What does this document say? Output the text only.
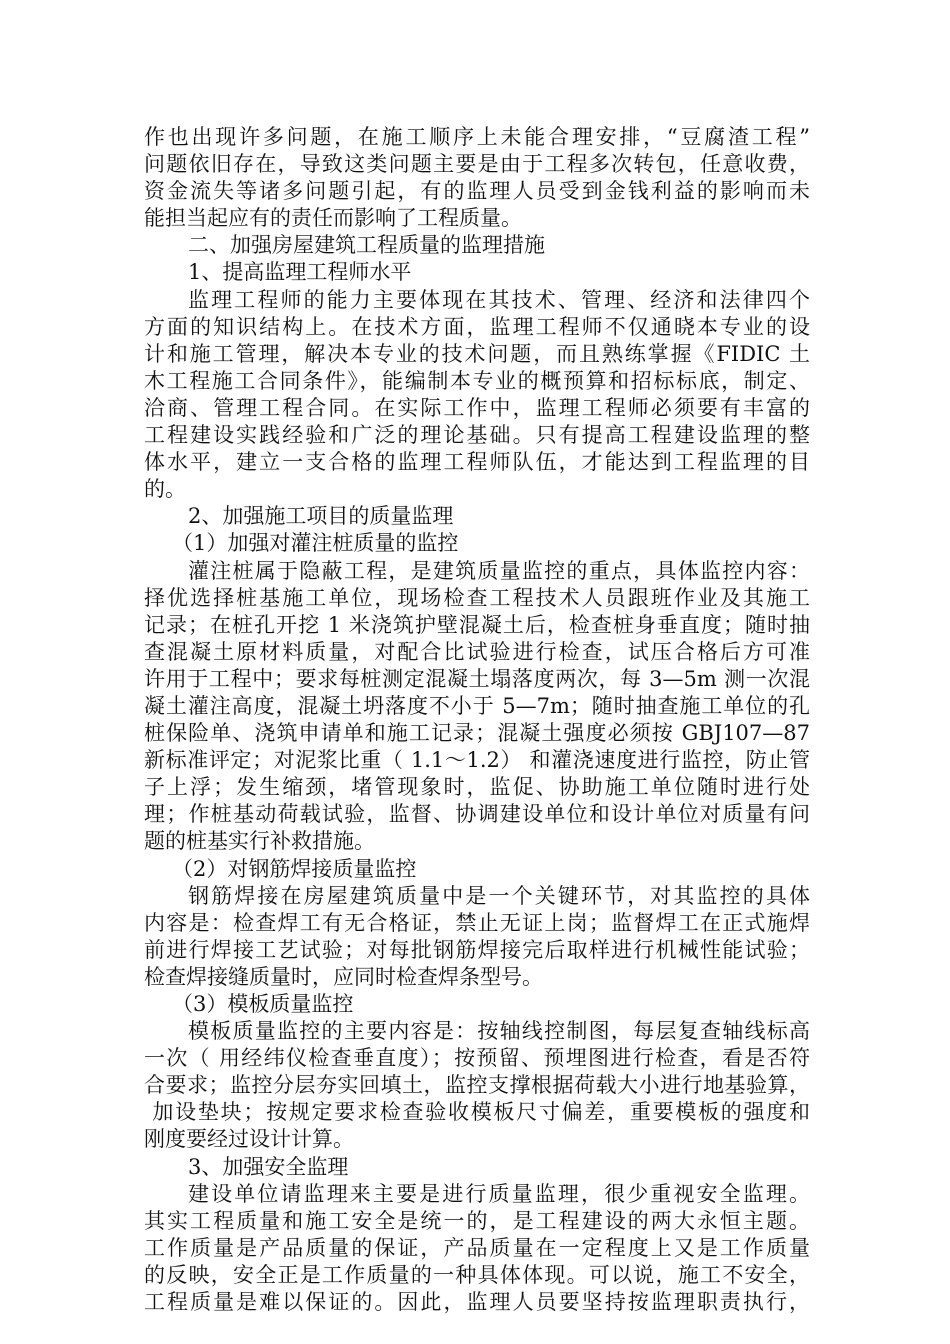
作也出现许多问题，在施工顺序上未能合理安排，“豆腐渣工程”
问题依旧存在，导致这类问题主要是由于工程多次转包，任意收费，
资金流失等诸多问题引起，有的监理人员受到金钱利益的影响而未
能担当起应有的责任而影响了工程质量。
二、加强房屋建筑工程质量的监理措施
1、提高监理工程师水平
监理工程师的能力主要体现在其技术、管理、经济和法律四个
方面的知识结构上。在技术方面，监理工程师不仅通晓本专业的设
计和施工管理，解决本专业的技术问题，而且熟练掌握《FIDIC 土
木工程施工合同条件》，能编制本专业的概预算和招标标底，制定、
洽商、管理工程合同。在实际工作中，监理工程师必须要有丰富的
工程建设实践经验和广泛的理论基础。只有提高工程建设监理的整
体水平，建立一支合格的监理工程师队伍，才能达到工程监理的目
的。
2、加强施工项目的质量监理
（1）加强对灌注桩质量的监控
灌注桩属于隐蔽工程，是建筑质量监控的重点，具体监控内容：
择优选择桩基施工单位，现场检查工程技术人员跟班作业及其施工
记录；在桩孔开挖 1 米浇筑护壁混凝土后，检查桩身垂直度；随时抽
查混凝土原材料质量，对配合比试验进行检查，试压合格后方可准
许用于工程中；要求每桩测定混凝土塌落度两次，每 3—5m 测一次混
凝土灌注高度，混凝土坍落度不小于 5—7m；随时抽查施工单位的孔
桩保险单、浇筑申请单和施工记录；混凝土强度必须按 GBJ107—87
新标准评定；对泥浆比重（ 1.1～1.2） 和灌浇速度进行监控，防止管
子上浮；发生缩颈，堵管现象时，监促、协助施工单位随时进行处
理；作桩基动荷载试验，监督、协调建设单位和设计单位对质量有问
题的桩基实行补救措施。
（2）对钢筋焊接质量监控
钢筋焊接在房屋建筑质量中是一个关键环节，对其监控的具体
内容是：检查焊工有无合格证，禁止无证上岗；监督焊工在正式施焊
前进行焊接工艺试验；对每批钢筋焊接完后取样进行机械性能试验；
检查焊接缝质量时，应同时检查焊条型号。
（3）模板质量监控
模板质量监控的主要内容是：按轴线控制图，每层复查轴线标高
一次（ 用经纬仪检查垂直度）；按预留、预埋图进行检查，看是否符
合要求；监控分层夯实回填土，监控支撑根据荷载大小进行地基验算，
加设垫块；按规定要求检查验收模板尺寸偏差，重要模板的强度和
刚度要经过设计计算。
3、加强安全监理
建设单位请监理来主要是进行质量监理，很少重视安全监理。
其实工程质量和施工安全是统一的，是工程建设的两大永恒主题。
工作质量是产品质量的保证，产品质量在一定程度上又是工作质量
的反映，安全正是工作质量的一种具体体现。可以说，施工不安全，
工程质量是难以保证的。因此，监理人员要坚持按监理职责执行，
